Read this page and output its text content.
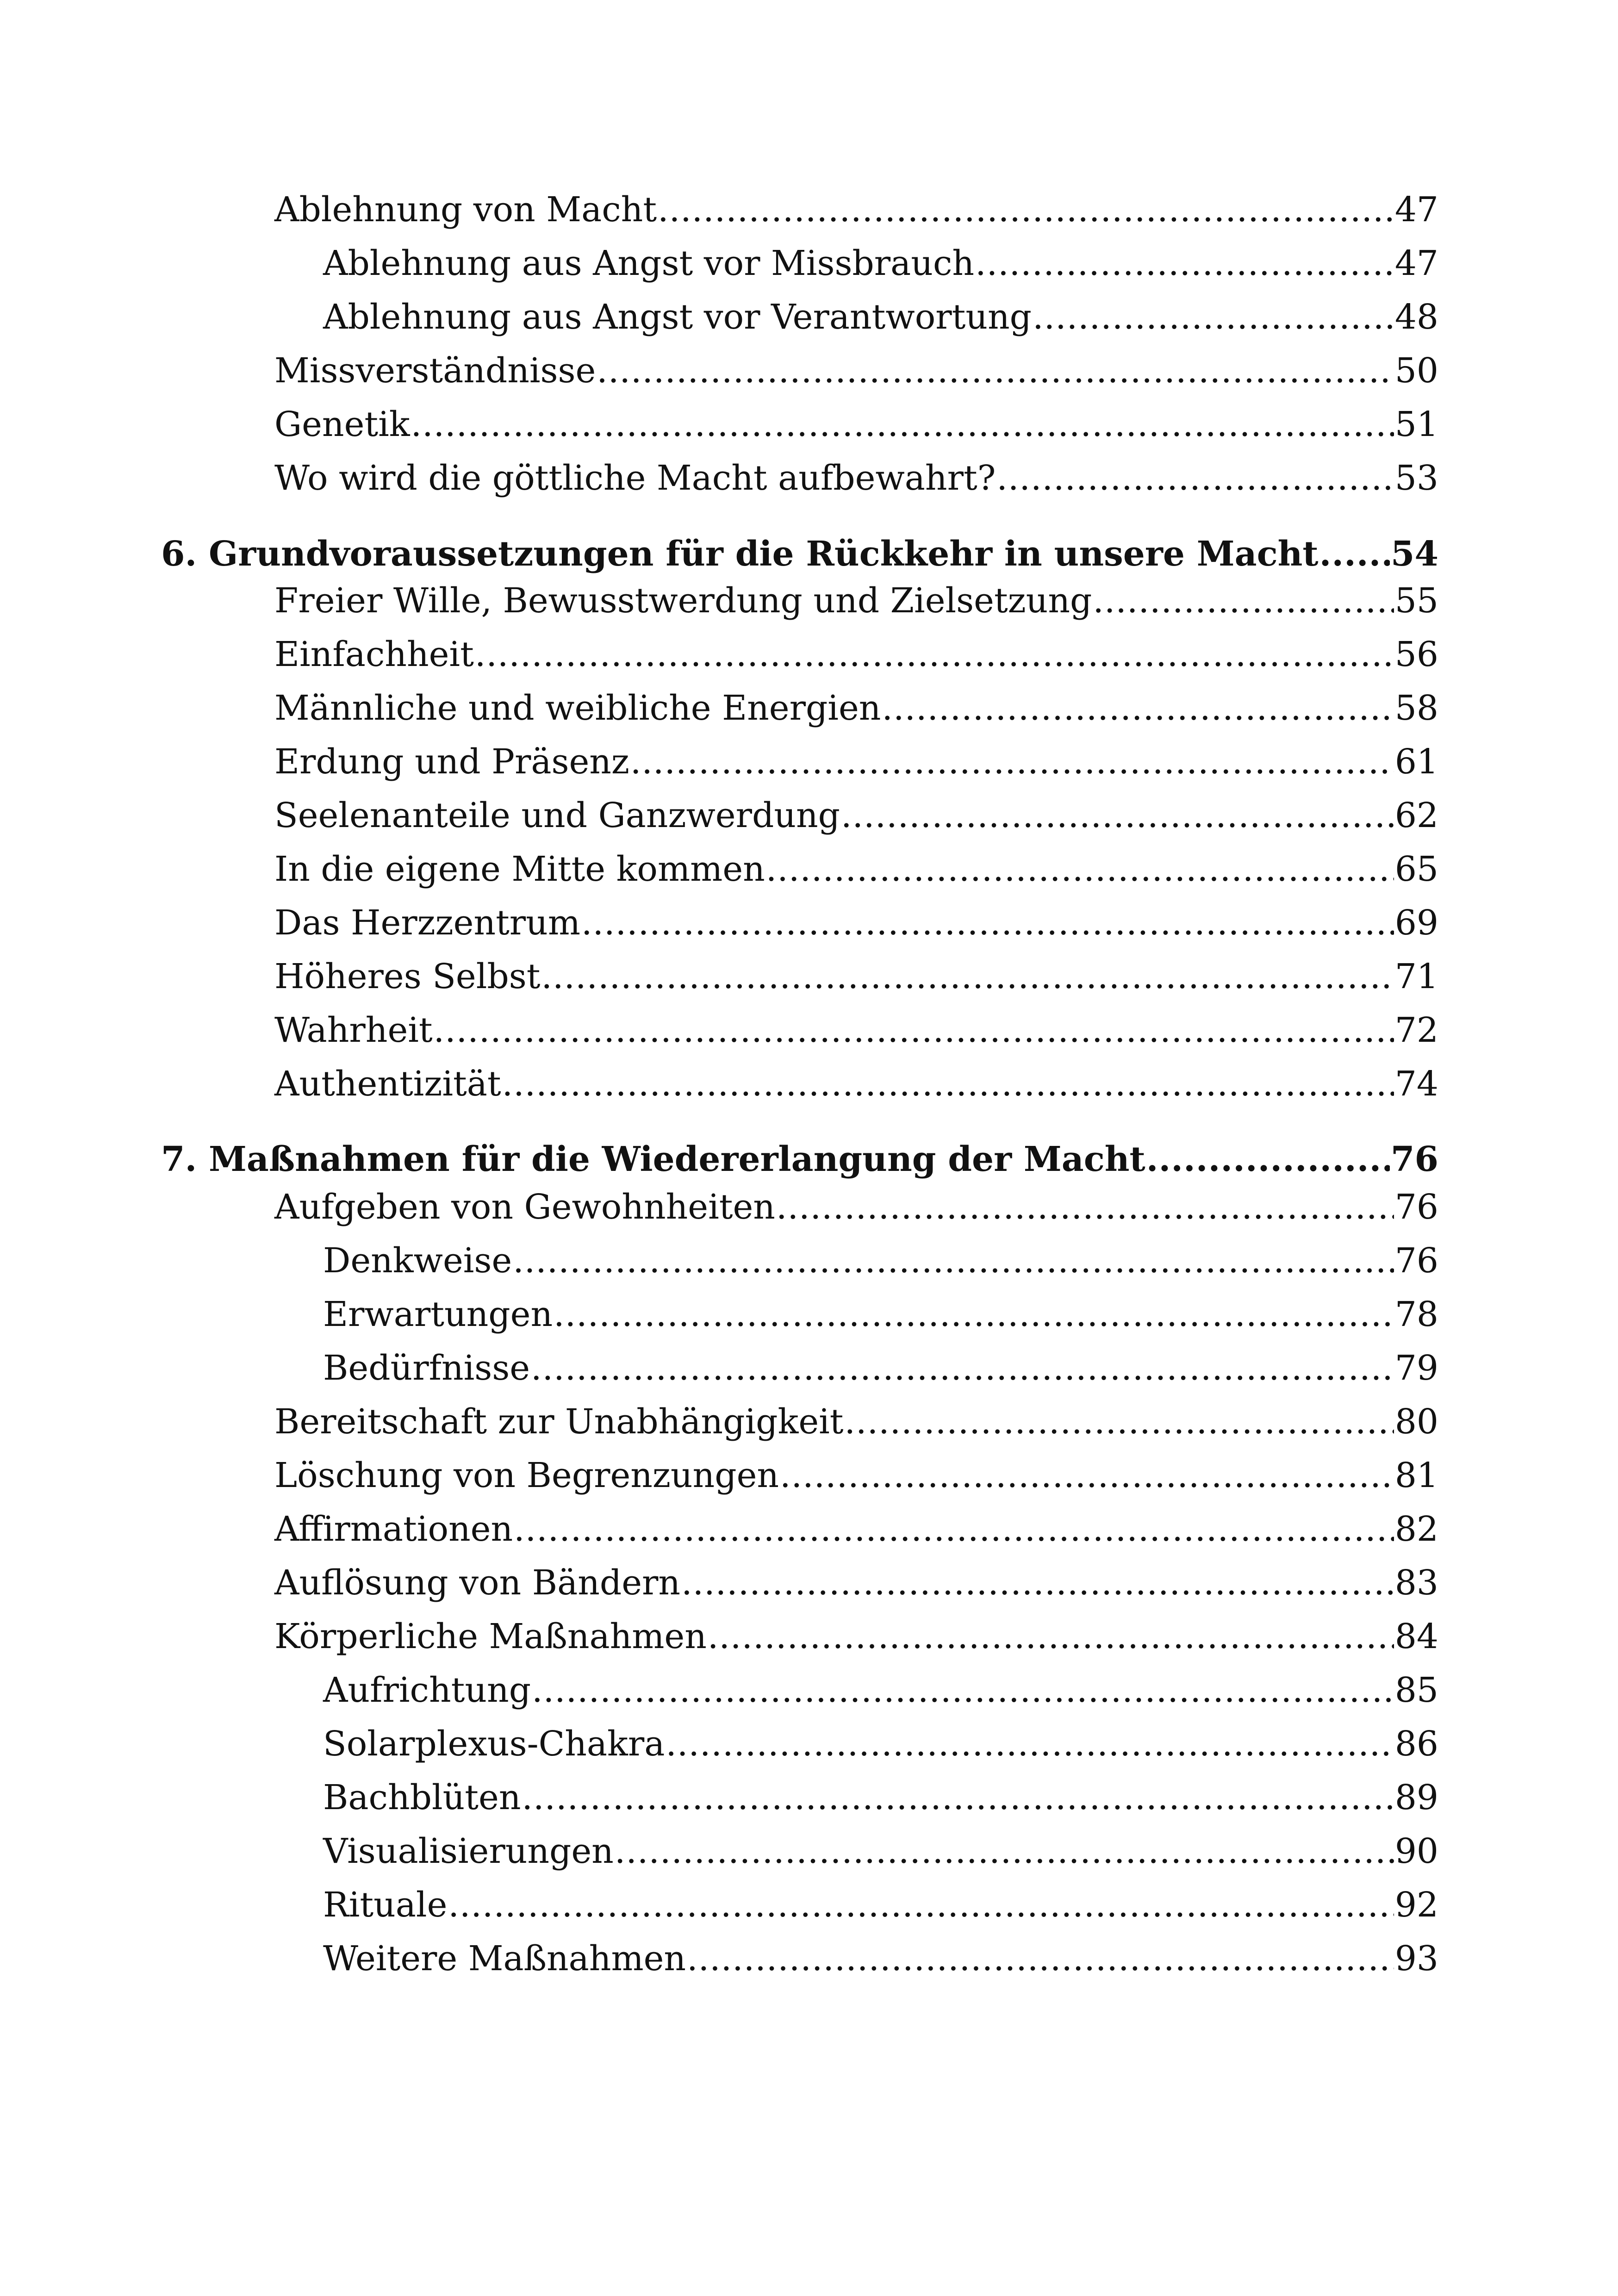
Ablehnung von Macht .....	47
Ablehnung aus Angst vor Missbrauch .....	47
Ablehnung aus Angst vor Verantwortung .....	48
Missverständnisse .....	50
Genetik .....	51
Wo wird die göttliche Macht aufbewahrt? .....	53
6. Grundvoraussetzungen für die Rückkehr in unsere Macht ..... 54
Freier Wille, Bewusstwerdung und Zielsetzung .....	55
Einfachheit .....	56
Männliche und weibliche Energien .....	58
Erdung und Präsenz .....	61
Seelenanteile und Ganzwerdung .....	62
In die eigene Mitte kommen .....	65
Das Herzzentrum .....	69
Höheres Selbst .....	71
Wahrheit .....	72
Authentizität .....	74
7. Maßnahmen für die Wiedererlangung der Macht .....	76
Aufgeben von Gewohnheiten .....	76
Denkweise .....	76
Erwartungen .....	78
Bedürfnisse .....	79
Bereitschaft zur Unabhängigkeit .....	80
Löschung von Begrenzungen .....	81
Affirmationen .....	82
Auflösung von Bändern .....	83
Körperliche Maßnahmen .....	84
Aufrichtung .....	85
Solarplexus-Chakra .....	86
Bachblüten .....	89
Visualisierungen .....	90
Rituale .....	92
Weitere Maßnahmen .....	93
